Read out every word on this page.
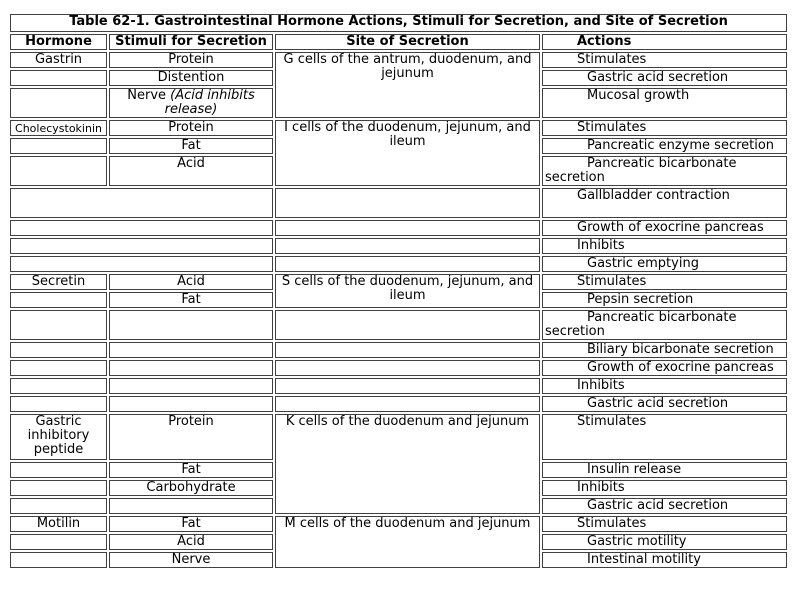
Table 62-1. Gastrointestinal Hormone Actions, Stimuli for Secretion, and Site of Secretion			
Hormone	Stimuli for Secretion	Site of Secretion	Actions
Gastrin	Protein	G cells of the antrum, duodenum, and jejunum	Stimulates
	Distention		Gastric acid secretion
	Nerve (Acid inhibits release)		Mucosal growth
Cholecystokinin	Protein	I cells of the duodenum, jejunum, and ileum	Stimulates
	Fat		Pancreatic enzyme secretion
	Acid		Pancreatic bicarbonate secretion
			Gallbladder contraction
			Growth of exocrine pancreas
			Inhibits
			Gastric emptying
Secretin	Acid	S cells of the duodenum, jejunum, and ileum	Stimulates
	Fat		Pepsin secretion
			Pancreatic bicarbonate secretion
			Biliary bicarbonate secretion
			Growth of exocrine pancreas
			Inhibits
			Gastric acid secretion
Gastric inhibitory peptide	Protein	K cells of the duodenum and jejunum	Stimulates
	Fat		Insulin release
	Carbohydrate		Inhibits
			Gastric acid secretion
Motilin	Fat	M cells of the duodenum and jejunum	Stimulates
	Acid		Gastric motility
	Nerve		Intestinal motility
